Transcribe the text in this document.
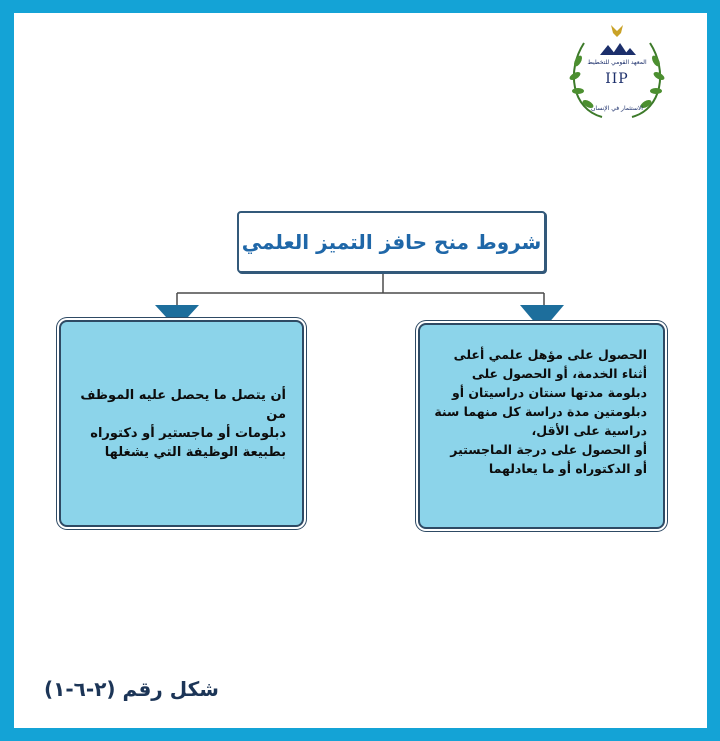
المعهد القومي للتخطيط
IIP
الاستثمار في الإنسان
شروط منح حافز التميز العلمي
الحصول على مؤهل علمي أعلى
أثناء الخدمة، أو الحصول على
دبلومة مدتها سنتان دراسيتان أو
دبلومتين مدة دراسة كل منهما سنة
دراسية على الأقل،
أو الحصول على درجة الماجستير
أو الدكتوراه أو ما يعادلهما
أن يتصل ما يحصل عليه الموظف من
دبلومات أو ماجستير أو دكتوراه
بطبيعة الوظيفة التي يشغلها
شكل رقم (٢-٦-١)
